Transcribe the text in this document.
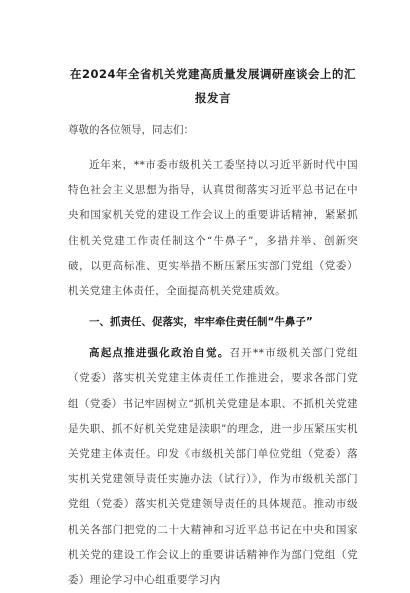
在2024年全省机关党建高质量发展调研座谈会上的汇报发言

尊敬的各位领导，同志们：

近年来，**市委市级机关工委坚持以习近平新时代中国特色社会主义思想为指导，认真贯彻落实习近平总书记在中央和国家机关党的建设工作会议上的重要讲话精神，紧紧抓住机关党建工作责任制这个“牛鼻子”，多措并举、创新突破，以更高标准、更实举措不断压紧压实部门党组（党委）机关党建主体责任，全面提高机关党建质效。

一、抓责任、促落实，牢牢牵住责任制“牛鼻子”

高起点推进强化政治自觉。召开**市级机关部门党组（党委）落实机关党建主体责任工作推进会，要求各部门党组（党委）书记牢固树立“抓机关党建是本职、不抓机关党建是失职、抓不好机关党建是渎职”的理念，进一步压紧压实机关党建主体责任。印发《市级机关部门单位党组（党委）落实机关党建领导责任实施办法（试行）》，作为市级机关部门党组（党委）落实机关党建领导责任的具体规范。推动市级机关各部门把党的二十大精神和习近平总书记在中央和国家机关党的建设工作会议上的重要讲话精神作为部门党组（党委）理论学习中心组重要学习内
